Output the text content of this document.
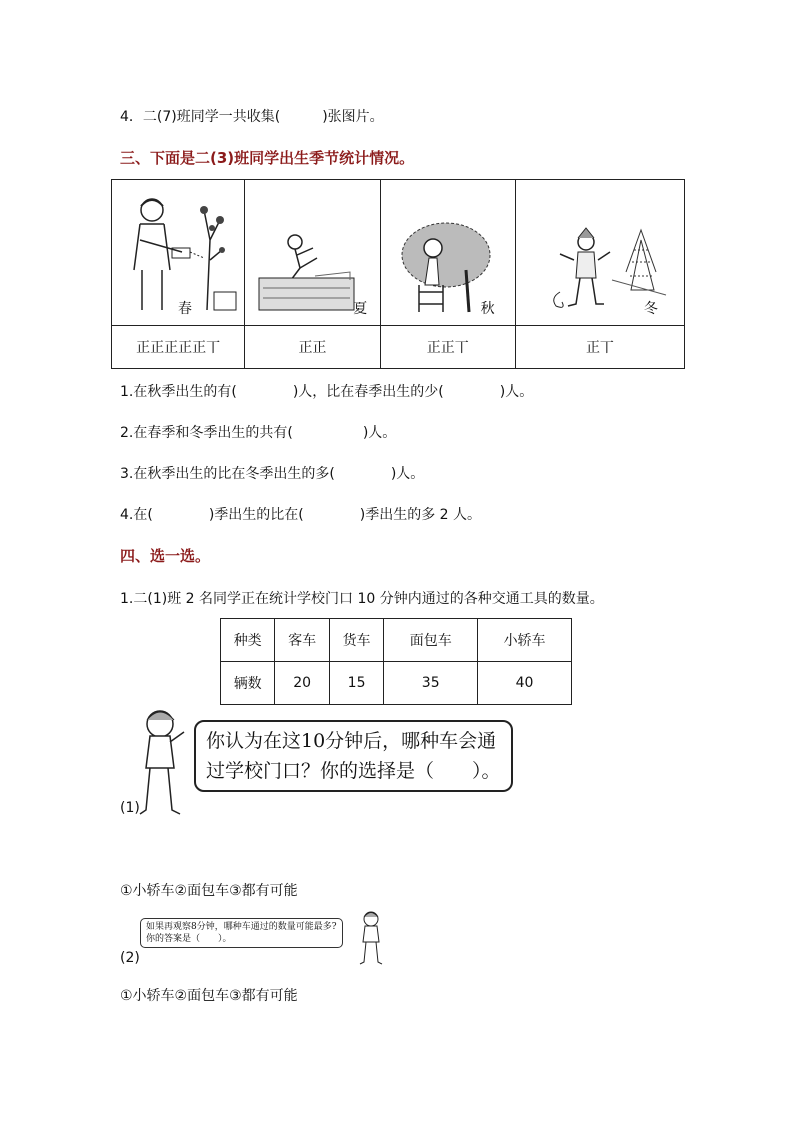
4．二(7)班同学一共收集(　　　)张图片。
三、下面是二(3)班同学出生季节统计情况。
春	夏	秋	冬

正正正正正丅	正正	正正丅	正丅
1.在秋季出生的有(　　　　)人，比在春季出生的少(　　　　)人。
2.在春季和冬季出生的共有(　　　　　)人。
3.在秋季出生的比在冬季出生的多(　　　　)人。
4.在(　　　　)季出生的比在(　　　　)季出生的多 2 人。
四、选一选。
1.二(1)班 2 名同学正在统计学校门口 10 分钟内通过的各种交通工具的数量。
种类	客车	货车	面包车	小轿车
辆数	20	15	35	40
你认为在这10分钟后，哪种车会通
过学校门口？你的选择是（　　）。
(1)
①小轿车②面包车③都有可能
如果再观察8分钟，哪种车通过的数量可能最多?
你的答案是（　　）。
(2)
①小轿车②面包车③都有可能
